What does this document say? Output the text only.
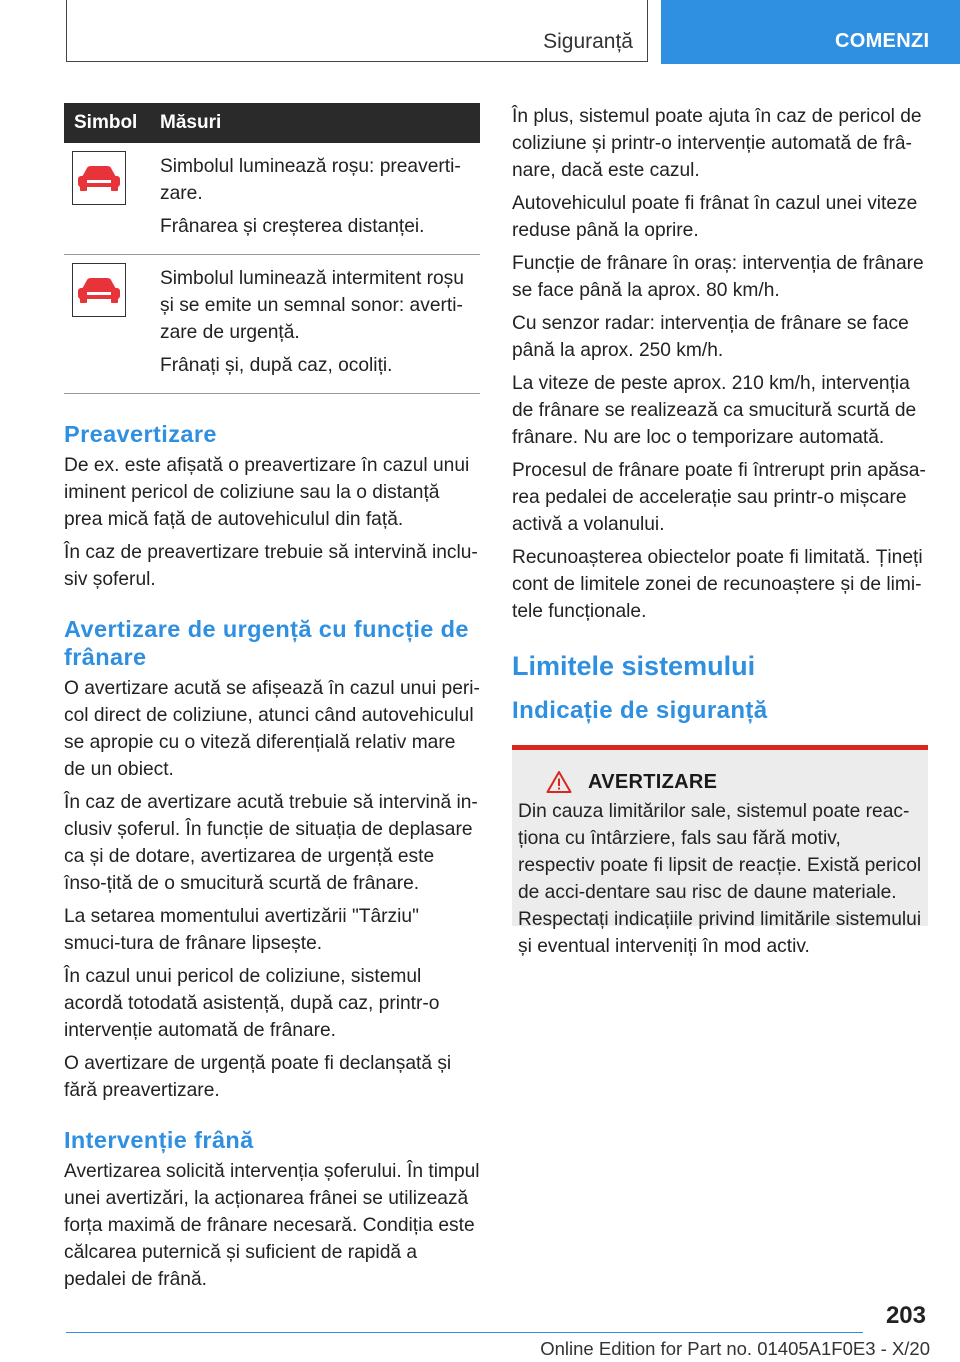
Siguranță	COMENZI
Simbol	Măsuri

Simbolul luminează roșu: preaverti-zare.

Frânarea și creșterea distanței.

Simbolul luminează intermitent roșu și se emite un semnal sonor: averti-zare de urgență.

Frânați și, după caz, ocoliți.

Preavertizare

De ex. este afișată o preavertizare în cazul unui iminent pericol de coliziune sau la o distanță prea mică față de autovehiculul din față.

În caz de preavertizare trebuie să intervină inclu-siv șoferul.

Avertizare de urgență cu funcție de frânare

O avertizare acută se afișează în cazul unui peri-col direct de coliziune, atunci când autovehiculul se apropie cu o viteză diferențială relativ mare de un obiect.

În caz de avertizare acută trebuie să intervină in-clusiv șoferul. În funcție de situația de deplasare ca și de dotare, avertizarea de urgență este înso-țită de o smucitură scurtă de frânare.

La setarea momentului avertizării "Târziu" smuci-tura de frânare lipsește.

În cazul unui pericol de coliziune, sistemul acordă totodată asistență, după caz, printr-o intervenție automată de frânare.

O avertizare de urgență poate fi declanșată și fără preavertizare.

Intervenție frână

Avertizarea solicită intervenția șoferului. În timpul unei avertizări, la acționarea frânei se utilizează forța maximă de frânare necesară. Condiția este călcarea puternică și suficient de rapidă a pedalei de frână.

În plus, sistemul poate ajuta în caz de pericol de coliziune și printr-o intervenție automată de frâ-nare, dacă este cazul.

Autovehiculul poate fi frânat în cazul unei viteze reduse până la oprire.

Funcție de frânare în oraș: intervenția de frânare se face până la aprox. 80 km/h.

Cu senzor radar: intervenția de frânare se face până la aprox. 250 km/h.

La viteze de peste aprox. 210 km/h, intervenția de frânare se realizează ca smucitură scurtă de frânare. Nu are loc o temporizare automată.

Procesul de frânare poate fi întrerupt prin apăsa-rea pedalei de accelerație sau printr-o mișcare activă a volanului.

Recunoașterea obiectelor poate fi limitată. Țineți cont de limitele zonei de recunoaștere și de limi-tele funcționale.

Limitele sistemului
Indicație de siguranță
AVERTIZARE

Din cauza limitărilor sale, sistemul poate reac-ționa cu întârziere, fals sau fără motiv, respectiv poate fi lipsit de reacție. Există pericol de acci-dentare sau risc de daune materiale. Respectați indicațiile privind limitările sistemului și eventual interveniți în mod activ.

203
Online Edition for Part no. 01405A1F0E3 - X/20
